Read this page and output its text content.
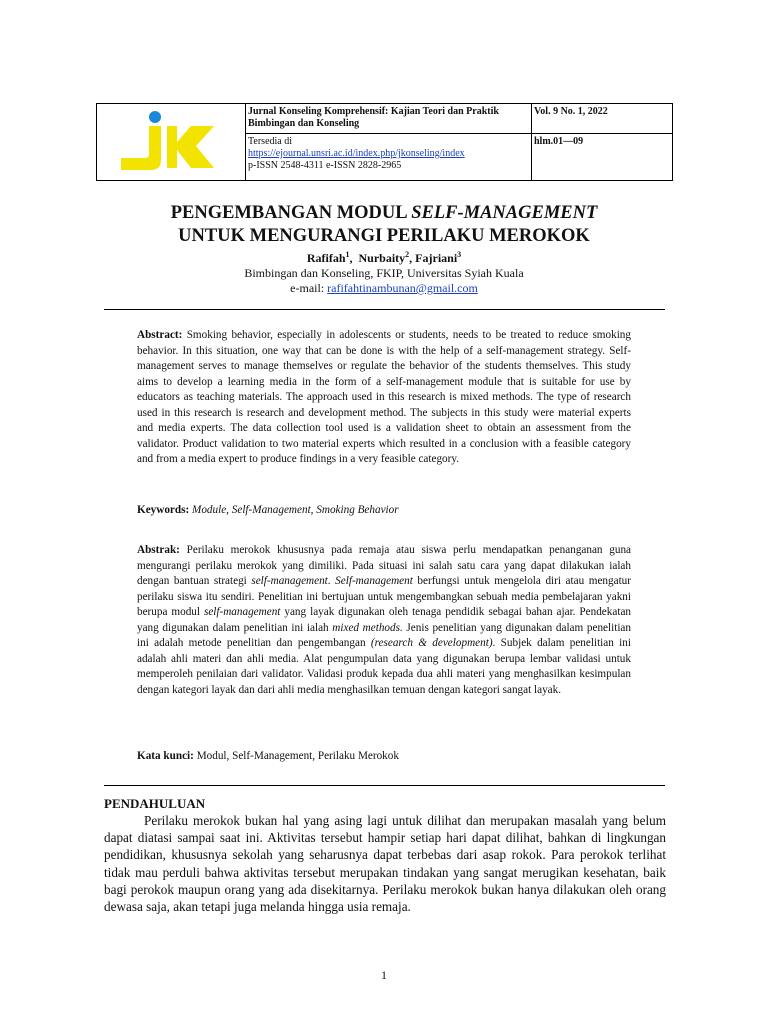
JKK
Jurnal Konseling Komprehensif: Kajian Teori dan Praktik Bimbingan dan Konseling
Tersedia di
https://ejournal.unsri.ac.id/index.php/jkonseling/index
p-ISSN 2548-4311 e-ISSN 2828-2965
Vol. 9 No. 1, 2022
hlm.01—09
PENGEMBANGAN MODUL SELF-MANAGEMENT
UNTUK MENGURANGI PERILAKU MEROKOK
Rafifah$^1$,  Nurbaity$^2$, Fajriani$^3$
Bimbingan dan Konseling, FKIP, Universitas Syiah Kuala
e-mail: rafifahtinambunan@gmail.com
Abstract: Smoking behavior, especially in adolescents or students, needs to be treated to reduce smoking behavior. In this situation, one way that can be done is with the help of a self-management strategy. Self-management serves to manage themselves or regulate the behavior of the students themselves. This study aims to develop a learning media in the form of a self-management module that is suitable for use by educators as teaching materials. The approach used in this research is mixed methods. The type of research used in this research is research and development method. The subjects in this study were material experts and media experts. The data collection tool used is a validation sheet to obtain an assessment from the validator. Product validation to two material experts which resulted in a conclusion with a feasible category and from a media expert to produce findings in a very feasible category.
Keywords: Module, Self-Management, Smoking Behavior
Abstrak: Perilaku merokok khususnya pada remaja atau siswa perlu mendapatkan penanganan guna mengurangi perilaku merokok yang dimiliki. Pada situasi ini salah satu cara yang dapat dilakukan ialah dengan bantuan strategi self-management. Self-management berfungsi untuk mengelola diri atau mengatur perilaku siswa itu sendiri. Penelitian ini bertujuan untuk mengembangkan sebuah media pembelajaran yakni berupa modul self-management yang layak digunakan oleh tenaga pendidik sebagai bahan ajar. Pendekatan yang digunakan dalam penelitian ini ialah mixed methods. Jenis penelitian yang digunakan dalam penelitian ini adalah metode penelitian dan pengembangan (research & development). Subjek dalam penelitian ini adalah ahli materi dan ahli media. Alat pengumpulan data yang digunakan berupa lembar validasi untuk memperoleh penilaian dari validator. Validasi produk kepada dua ahli materi yang menghasilkan kesimpulan dengan kategori layak dan dari ahli media menghasilkan temuan dengan kategori sangat layak.
Kata kunci: Modul, Self-Management, Perilaku Merokok
PENDAHULUAN
Perilaku merokok bukan hal yang asing lagi untuk dilihat dan merupakan masalah yang belum dapat diatasi sampai saat ini. Aktivitas tersebut hampir setiap hari dapat dilihat, bahkan di lingkungan pendidikan, khususnya sekolah yang seharusnya dapat terbebas dari asap rokok. Para perokok terlihat tidak mau perduli bahwa aktivitas tersebut merupakan tindakan yang sangat merugikan kesehatan, baik bagi perokok maupun orang yang ada disekitarnya. Perilaku merokok bukan hanya dilakukan oleh orang dewasa saja, akan tetapi juga melanda hingga usia remaja.
1
